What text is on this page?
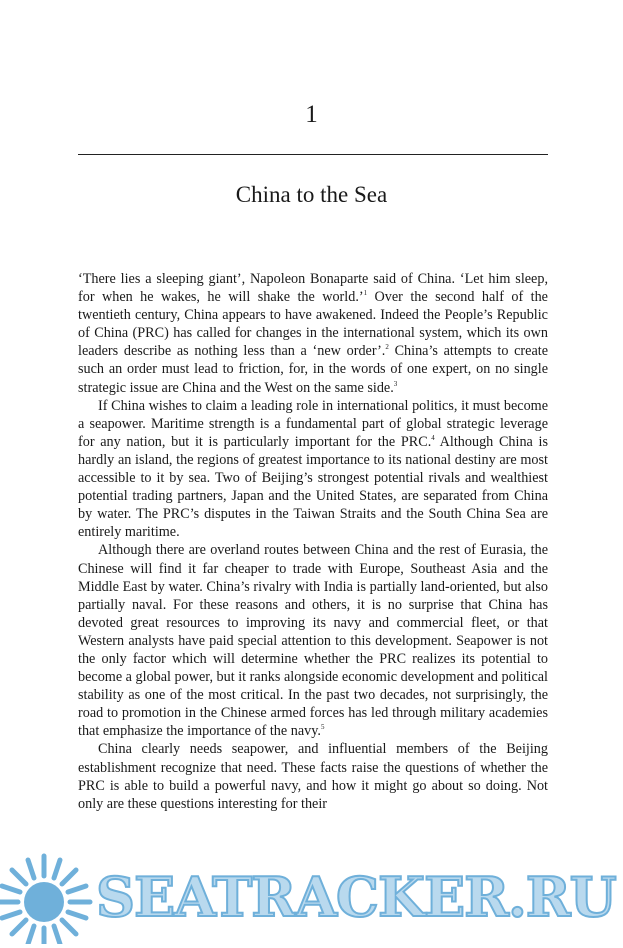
1
China to the Sea

‘There lies a sleeping giant’, Napoleon Bonaparte said of China. ‘Let him sleep, for when he wakes, he will shake the world.’$^1$ Over the second half of the twentieth century, China appears to have awakened. Indeed the People’s Republic of China (PRC) has called for changes in the international system, which its own leaders describe as nothing less than a ‘new order’.$^2$ China’s attempts to create such an order must lead to friction, for, in the words of one expert, on no single strategic issue are China and the West on the same side.$^3$

If China wishes to claim a leading role in international politics, it must become a seapower. Maritime strength is a fundamental part of global strategic leverage for any nation, but it is particularly important for the PRC.$^4$ Although China is hardly an island, the regions of greatest importance to its national destiny are most accessible to it by sea. Two of Beijing’s strongest potential rivals and wealthiest potential trading partners, Japan and the United States, are separated from China by water. The PRC’s disputes in the Taiwan Straits and the South China Sea are entirely maritime.

Although there are overland routes between China and the rest of Eurasia, the Chinese will find it far cheaper to trade with Europe, Southeast Asia and the Middle East by water. China’s rivalry with India is partially land-oriented, but also partially naval. For these reasons and others, it is no surprise that China has devoted great resources to improving its navy and commercial fleet, or that Western analysts have paid special attention to this development. Seapower is not the only factor which will determine whether the PRC realizes its potential to become a global power, but it ranks alongside economic development and political stability as one of the most critical. In the past two decades, not surprisingly, the road to promotion in the Chinese armed forces has led through military academies that emphasize the importance of the navy.$^5$

China clearly needs seapower, and influential members of the Beijing establishment recognize that need. These facts raise the questions of whether the PRC is able to build a powerful navy, and how it might go about so doing. Not only are these questions interesting for their

SEATRACKER.RU
